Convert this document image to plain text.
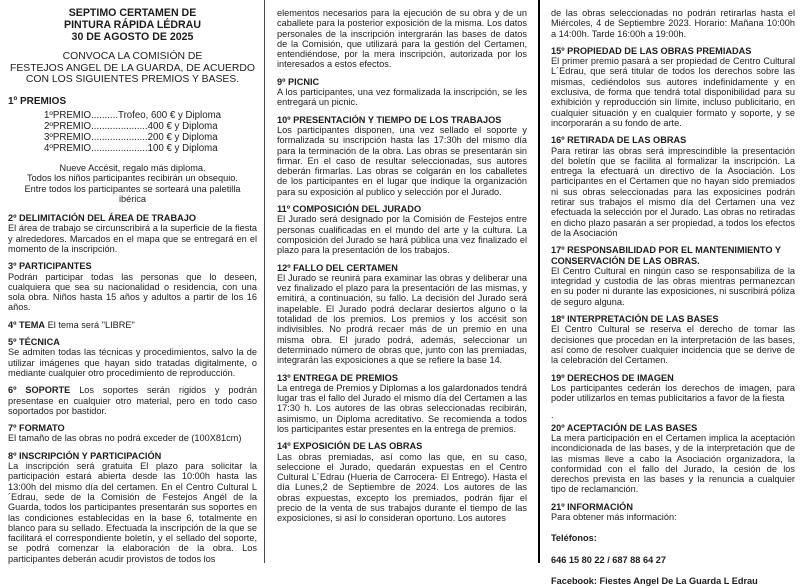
SEPTIMO CERTAMEN DE
PINTURA RÁPIDA LÉDRAU
30 DE AGOSTO DE 2025
CONVOCA LA COMISIÓN DE
FESTEJOS ANGEL DE LA GUARDA, DE ACUERDO
CON LOS SIGUIENTES PREMIOS Y BASES.

1º PREMIOS

1ºPREMIO..........Trofeo, 600 € y Diploma
2ºPREMIO.....................400 € y Diploma
3ºPREMIO.....................200 € y Diploma
4ºPREMIO.....................100 € y Diploma
Nueve Accésit, regalo más diploma.
Todos los niños participantes recibirán un obsequio.
Entre todos los participantes se sorteará una paletilla
ibérica

2º DELIMITACIÓN DEL ÁREA DE TRABAJO
El área de trabajo se circunscribirá a la superficie de la fiesta y alrededores. Marcados en el mapa que se entregará en el momento de la inscripción.

3º PARTICIPANTES
Podrán participar todas las personas que lo deseen, cualquiera que sea su nacionalidad o residencia, con una sola obra. Niños hasta 15 años y adultos a partir de los 16 años.

4º TEMA El tema será "LIBRE"

5º TÉCNICA
Se admiten todas las técnicas y procedimientos, salvo la de utilizar imágenes que hayan sido tratadas digitalmente, o mediante cualquier otro procedimiento de reproducción.

6º SOPORTE Los soportes serán rigidos y podrán presentase en cualquier otro material, pero en todo caso soportados por bastidor.

7º FORMATO
El tamaño de las obras no podrá exceder de (100X81cm)

8º INSCRIPCIÓN Y PARTICIPACIÓN
La inscripción será gratuita El plazo para solicitar la participación estará abierta desde las 10:00h hasta las 13:00h del mismo día del certamen. En el Centro Cultural L´Edrau, sede de la Comisión de Festejos Angél de la Guarda, todos los participantes presentarán sus soportes en las condiciones establecidas en la base 6, totalmente en blanco para su sellado. Efectuada la inscripción de la que se facilitará el correspondiente boletín, y el sellado del soporte, se podrá comenzar la elaboración de la obra. Los participantes deberán acudir provistos de todos los

elementos necesarios para la ejecución de su obra y de un caballete para la posterior exposición de la misma. Los datos personales de la inscripción intergrarán las bases de datos de la Comisión, que utilizará para la gestión del Certamen, entendiéndose, por la mera inscripción, autorizada por los interesados a estos efectos.

9º PICNIC
A los participantes, una vez formalizada la inscripción, se les entregará un picnic.

10º PRESENTACIÓN Y TIEMPO DE LOS TRABAJOS
Los participantes disponen, una vez sellado el soporte y formalizada su inscripción hasta las 17:30h del mismo día para la terminación de la obra. Las obras se presentarán sin firmar. En el caso de resultar seleccionadas, sus autores deberán firmarlas. Las obras se colgarán en los caballetes de los participantes en el lugar que indique la organización para su exposición al publico y selección por el Jurado.

11º COMPOSICIÓN DEL JURADO
El Jurado será designado por la Comisión de Festejos entre personas cualificadas en el mundo del arte y la cultura. La composición del Jurado se hará pública una vez finalizado el plazo para la presentación de los trabajos.

12º FALLO DEL CERTAMEN
El Jurado se reunirá para examinar las obras y deliberar una vez finalizado el plazo para la presentación de las mismas, y emitirá, a continuación, su fallo. La decisión del Jurado será inapelable. El Jurado podrá declarar desiertos alguno o la totalidad de los premios. Los premios y los accésit son indivisibles. No prodrá recaer más de un premio en una misma obra. El jurado podrá, además, seleccionar un determinado número de obras que, junto con las premiadas, integrarán las exposiciones a que se refiere la base 14.

13º ENTREGA DE PREMIOS
La entrega de Premios y Diplomas a los galardonados tendrá lugar tras el fallo del Jurado el mismo día del Certamen a las 17:30 h. Los autores de las obras seleccionadas recibirán, asimismo, un Diploma acreditativo. Se recomienda a todos los participantes estar presentes en la entrega de premios.

14º EXPOSICIÓN DE LAS OBRAS
Las obras premiadas, así como las que, en su caso, seleccione el Jurado, quedarán expuestas en el Centro Cultural L´Edrau (Hueria de Carrocera- El Entrego). Hasta el día Lunes,2 de Septiembre de 2024. Los autores de las obras expuestas, excepto los premiados, podrán fijar el precio de la venta de sus trabajos durante el tiempo de las exposiciones, si así lo consideran oportuno. Los autores

de las obras seleccionadas no podrán retirarlas hasta el Miércoles, 4 de Septiembre 2023. Horario: Mañana 10:00h a 14:00h. Tarde 16:00h a 19:00h.

15º PROPIEDAD DE LAS OBRAS PREMIADAS
El primer premio pasará a ser propiedad de Centro Cultural L´Edrau, que será titular de todos los derechos sobre las mismas, cediéndolos sus autores indefinidamente y en exclusiva, de forma que tendrá total disponibilidad para su exhibición y reproducción sin límite, incluso publicitario, en cualquier situación y en cualquier formato y soporte, y se incorporarán a su fondo de arte.

16º RETIRADA DE LAS OBRAS
Para retirar las obras será imprescindible la presentación del boletín que se facilita al formalizar la inscripción. La entrega la efectuará un directivo de la Asociación. Los participantes en el Certamen que no hayan sido premiados ni sus obras seleccionadas para las exposicines podrán retirar sus trabajos el mismo día del Certamen una vez efectuada la selección por el Jurado. Las obras no retiradas en dicho plazo pasarán a ser propiedad, a todos los efectos de la Asociación

17º RESPONSABILIDAD POR EL MANTENIMIENTO Y CONSERVACIÓN DE LAS OBRAS.
El Centro Cultural en ningún caso se responsabiliza de la integridad y custodia de las obras mientras permanezcan en su poder ni durante las exposiciones, ni suscribirá póliza de seguro alguna.

18º INTERPRETACIÓN DE LAS BASES
El Centro Cultural se reserva el derecho de tomar las decisiones que procedan en la interpretación de las bases, así como de resolver cualquier incidencia que se derive de la celebración del Certamen.

19º DERECHOS DE IMAGEN
Los participantes cederán los derechos de imagen, para poder utilizarlos en temas publicitarios a favor de la fiesta

.

20º ACEPTACIÓN DE LAS BASES
La mera participación en el Certamen implica la aceptación incondicionada de las bases, y de la interpretación que de las mismas lleve a cabo la Asociación organizadora, la conformidad con el fallo del Jurado, la cesión de los derechos prevista en las bases y la renuncia a cualquier tipo de reclamanción.

21º INFORMACIÓN
Para obtener más información:

Teléfonos:
646 15 80 22 / 687 88 64 27
Facebook: Fiestes Angel De La Guarda L Edrau
